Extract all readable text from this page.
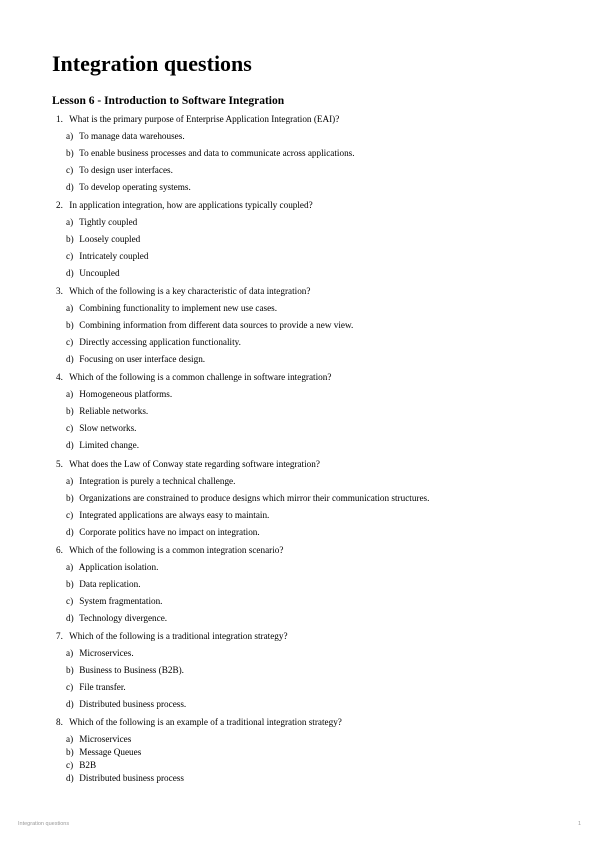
Integration questions
Lesson 6 - Introduction to Software Integration
1. What is the primary purpose of Enterprise Application Integration (EAI)?
a) To manage data warehouses.
b) To enable business processes and data to communicate across applications.
c) To design user interfaces.
d) To develop operating systems.
2. In application integration, how are applications typically coupled?
a) Tightly coupled
b) Loosely coupled
c) Intricately coupled
d) Uncoupled
3. Which of the following is a key characteristic of data integration?
a) Combining functionality to implement new use cases.
b) Combining information from different data sources to provide a new view.
c) Directly accessing application functionality.
d) Focusing on user interface design.
4. Which of the following is a common challenge in software integration?
a) Homogeneous platforms.
b) Reliable networks.
c) Slow networks.
d) Limited change.
5. What does the Law of Conway state regarding software integration?
a) Integration is purely a technical challenge.
b) Organizations are constrained to produce designs which mirror their communication structures.
c) Integrated applications are always easy to maintain.
d) Corporate politics have no impact on integration.
6. Which of the following is a common integration scenario?
a) Application isolation.
b) Data replication.
c) System fragmentation.
d) Technology divergence.
7. Which of the following is a traditional integration strategy?
a) Microservices.
b) Business to Business (B2B).
c) File transfer.
d) Distributed business process.
8. Which of the following is an example of a traditional integration strategy?
a) Microservices
b) Message Queues
c) B2B
d) Distributed business process
Integration questions	1
